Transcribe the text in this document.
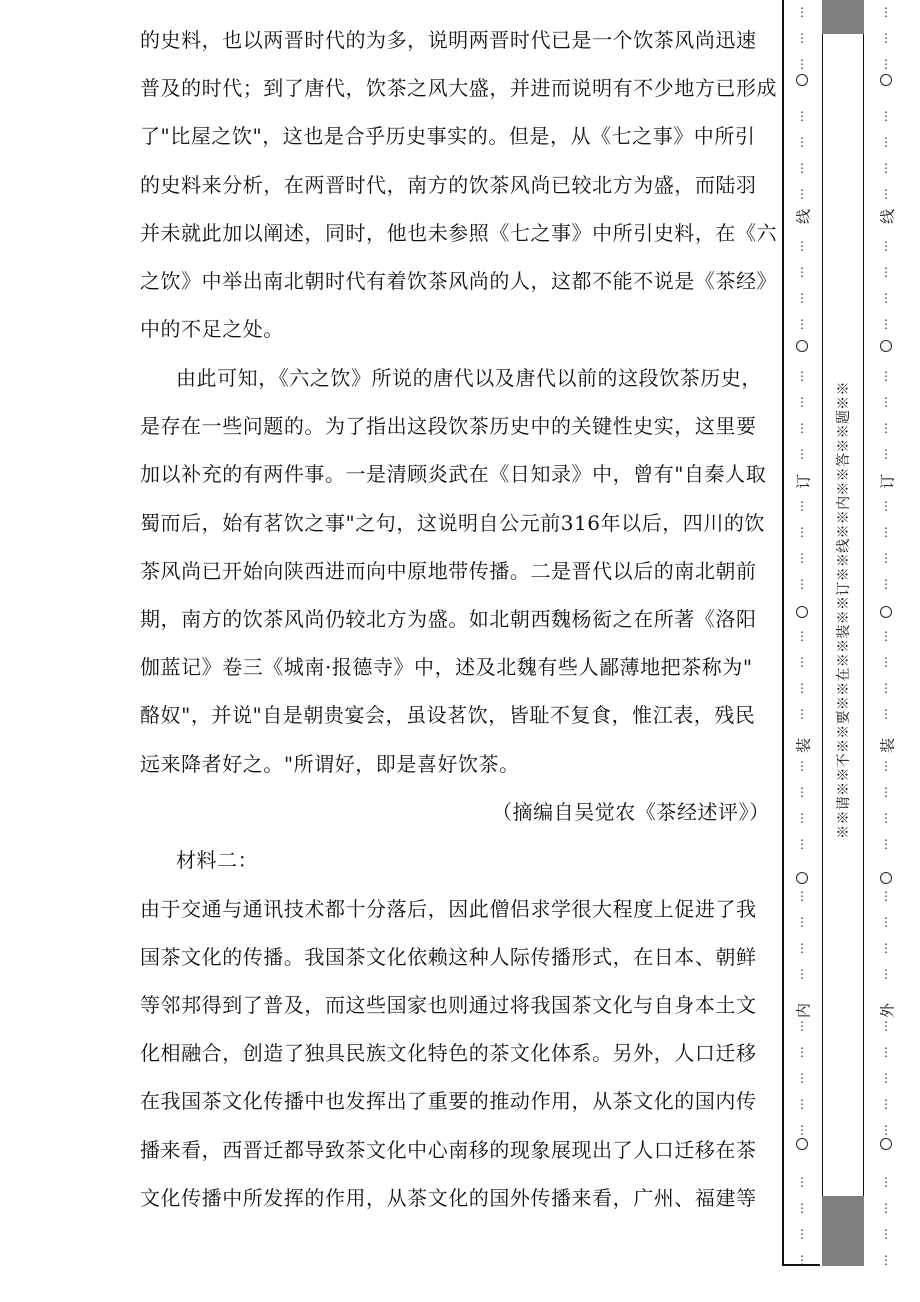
的史料，也以两晋时代的为多，说明两晋时代已是一个饮茶风尚迅速
普及的时代；到了唐代，饮茶之风大盛，并进而说明有不少地方已形成
了"比屋之饮"，这也是合乎历史事实的。但是，从《七之事》中所引
的史料来分析，在两晋时代，南方的饮茶风尚已较北方为盛，而陆羽
并未就此加以阐述，同时，他也未参照《七之事》中所引史料，在《六
之饮》中举出南北朝时代有着饮茶风尚的人，这都不能不说是《茶经》
中的不足之处。
由此可知，《六之饮》所说的唐代以及唐代以前的这段饮茶历史，
是存在一些问题的。为了指出这段饮茶历史中的关键性史实，这里要
加以补充的有两件事。一是清顾炎武在《日知录》中，曾有"自秦人取
蜀而后，始有茗饮之事"之句，这说明自公元前316年以后，四川的饮
茶风尚已开始向陕西进而向中原地带传播。二是晋代以后的南北朝前
期，南方的饮茶风尚仍较北方为盛。如北朝西魏杨衒之在所著《洛阳
伽蓝记》卷三《城南·报德寺》中，述及北魏有些人鄙薄地把茶称为"
酪奴"，并说"自是朝贵宴会，虽设茗饮，皆耻不复食，惟江表，残民
远来降者好之。"所谓好，即是喜好饮茶。
（摘编自吴觉农《茶经述评》）
材料二：
由于交通与通讯技术都十分落后，因此僧侣求学很大程度上促进了我
国茶文化的传播。我国茶文化依赖这种人际传播形式，在日本、朝鲜
等邻邦得到了普及，而这些国家也则通过将我国茶文化与自身本土文
化相融合，创造了独具民族文化特色的茶文化体系。另外，人口迁移
在我国茶文化传播中也发挥出了重要的推动作用，从茶文化的国内传
播来看，西晋迁都导致茶文化中心南移的现象展现出了人口迁移在茶
文化传播中所发挥的作用，从茶文化的国外传播来看，广州、福建等
※※请※※不※※要※※在※※装※※订※※线※※内※※答※※题※※
线
订
装
内
线
订
装
外
⋮
⋮
⋮
⋮
⋮
⋮
⋮
⋮
⋮
⋮
⋮
⋮
⋮
⋮
⋮
⋮
⋮
⋮
⋮
⋮
⋮
⋮
⋮
⋮
⋮
⋮
⋮
⋮
⋮
⋮
⋮
⋮
⋮
⋮
⋮
⋮
⋮
⋮
⋮
⋮
⋮
⋮
⋮
⋮
⋮
⋮
⋮
⋮
⋮
⋮
⋮
⋮
⋮
⋮
⋮
⋮
⋮
⋮
⋮
⋮
⋮
⋮
⋮
⋮
⋮
⋮
⋮
⋮
⋮
⋮
⋮
⋮
⋮
⋮
⋮
⋮
⋮
⋮
⋮
⋮
